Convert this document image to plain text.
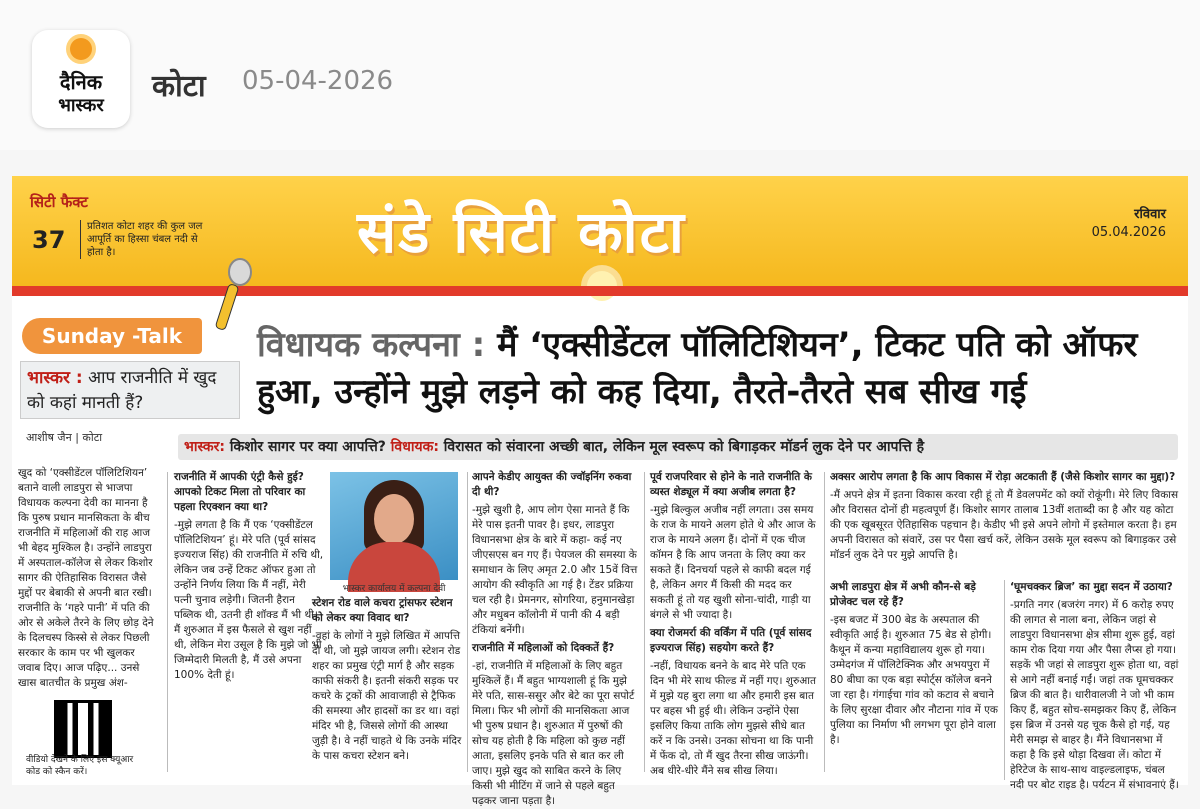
दैनिक
भास्कर
कोटा 05-04-2026
सिटी फैक्ट
37	प्रतिशत कोटा शहर की कुल जल आपूर्ति का हिस्सा चंबल नदी से होता है।	संडे सिटी कोटा	रविवार
05.04.2026
Sunday -Talk
भास्कर : आप राजनीति में खुद को कहां मानती हैं?
विधायक कल्पना : मैं ‘एक्सीडेंटल पॉलिटिशियन’, टिकट पति को ऑफर हुआ, उन्होंने मुझे लड़ने को कह दिया, तैरते-तैरते सब सीख गई
आशीष जैन | कोटा
भास्कर: किशोर सागर पर क्या आपत्ति? विधायक: विरासत को संवारना अच्छी बात, लेकिन मूल स्वरूप को बिगाड़कर मॉडर्न लुक देने पर आपत्ति है

खुद को ‘एक्सीडेंटल पॉलिटिशियन’ बताने वाली लाडपुरा से भाजपा विधायक कल्पना देवी का मानना है कि पुरुष प्रधान मानसिकता के बीच राजनीति में महिलाओं की राह आज भी बेहद मुश्किल है। उन्होंने लाडपुरा में अस्पताल-कॉलेज से लेकर किशोर सागर की ऐतिहासिक विरासत जैसे मुद्दों पर बेबाकी से अपनी बात रखी। राजनीति के ‘गहरे पानी’ में पति की ओर से अकेले तैरने के लिए छोड़ देने के दिलचस्प किस्से से लेकर पिछली सरकार के काम पर भी खुलकर जवाब दिए। आज पढ़िए... उनसे खास बातचीत के प्रमुख अंश-

वीडियो देखने के लिए इस क्यूआर कोड को स्कैन करें।

राजनीति में आपकी एंट्री कैसे हुई? आपको टिकट मिला तो परिवार का पहला रिएक्शन क्या था?

-मुझे लगता है कि मैं एक ‘एक्सीडेंटल पॉलिटिशियन’ हूं। मेरे पति (पूर्व सांसद इज्यराज सिंह) की राजनीति में रुचि थी, लेकिन जब उन्हें टिकट ऑफर हुआ तो उन्होंने निर्णय लिया कि मैं नहीं, मेरी पत्नी चुनाव लड़ेगी। जितनी हैरान पब्लिक थी, उतनी ही शॉक्ड मैं भी थी। मैं शुरुआत में इस फैसले से खुश नहीं थी, लेकिन मेरा उसूल है कि मुझे जो भी जिम्मेदारी मिलती है, मैं उसे अपना 100% देती हूं।

भास्कर कार्यालय में कल्पना देवी

स्टेशन रोड वाले कचरा ट्रांसफर स्टेशन को लेकर क्या विवाद था?

-वहां के लोगों ने मुझे लिखित में आपत्ति दी थी, जो मुझे जायज लगी। स्टेशन रोड शहर का प्रमुख एंट्री मार्ग है और सड़क काफी संकरी है। इतनी संकरी सड़क पर कचरे के ट्रकों की आवाजाही से ट्रैफिक की समस्या और हादसों का डर था। वहां मंदिर भी है, जिससे लोगों की आस्था जुड़ी है। वे नहीं चाहते थे कि उनके मंदिर के पास कचरा स्टेशन बने।

आपने केडीए आयुक्त की ज्वॉइनिंग रुकवा दी थी?

-मुझे खुशी है, आप लोग ऐसा मानते हैं कि मेरे पास इतनी पावर है। इधर, लाडपुरा विधानसभा क्षेत्र के बारे में कहा- कई नए जीएसएस बन गए हैं। पेयजल की समस्या के समाधान के लिए अमृत 2.0 और 15वें वित्त आयोग की स्वीकृति आ गई है। टेंडर प्रक्रिया चल रही है। प्रेमनगर, सोगरिया, हनुमानखेड़ा और मधुबन कॉलोनी में पानी की 4 बड़ी टंकियां बनेंगी।

राजनीति में महिलाओं को दिक्कतें हैं?

-हां, राजनीति में महिलाओं के लिए बहुत मुश्किलें हैं। मैं बहुत भाग्यशाली हूं कि मुझे मेरे पति, सास-ससुर और बेटे का पूरा सपोर्ट मिला। फिर भी लोगों की मानसिकता आज भी पुरुष प्रधान है। शुरुआत में पुरुषों की सोच यह होती है कि महिला को कुछ नहीं आता, इसलिए इनके पति से बात कर ली जाए। मुझे खुद को साबित करने के लिए किसी भी मीटिंग में जाने से पहले बहुत पढ़कर जाना पड़ता है।

पूर्व राजपरिवार से होने के नाते राजनीति के व्यस्त शेड्यूल में क्या अजीब लगता है?

-मुझे बिल्कुल अजीब नहीं लगता। उस समय के राज के मायने अलग होते थे और आज के राज के मायने अलग हैं। दोनों में एक चीज कॉमन है कि आप जनता के लिए क्या कर सकते हैं। दिनचर्या पहले से काफी बदल गई है, लेकिन अगर मैं किसी की मदद कर सकती हूं तो यह खुशी सोना-चांदी, गाड़ी या बंगले से भी ज्यादा है।

क्या रोजमर्रा की वर्किंग में पति (पूर्व सांसद इज्यराज सिंह) सहयोग करते हैं?

-नहीं, विधायक बनने के बाद मेरे पति एक दिन भी मेरे साथ फील्ड में नहीं गए। शुरुआत में मुझे यह बुरा लगा था और हमारी इस बात पर बहस भी हुई थी। लेकिन उन्होंने ऐसा इसलिए किया ताकि लोग मुझसे सीधे बात करें न कि उनसे। उनका सोचना था कि पानी में फेंक दो, तो मैं खुद तैरना सीख जाऊंगी। अब धीरे-धीरे मैंने सब सीख लिया।

अक्सर आरोप लगता है कि आप विकास में रोड़ा अटकाती हैं (जैसे किशोर सागर का मुद्दा)?

-मैं अपने क्षेत्र में इतना विकास करवा रही हूं तो मैं डेवलपमेंट को क्यों रोकूंगी। मेरे लिए विकास और विरासत दोनों ही महत्वपूर्ण हैं। किशोर सागर तालाब 13वीं शताब्दी का है और यह कोटा की एक खूबसूरत ऐतिहासिक पहचान है। केडीए भी इसे अपने लोगो में इस्तेमाल करता है। हम अपनी विरासत को संवारें, उस पर पैसा खर्च करें, लेकिन उसके मूल स्वरूप को बिगाड़कर उसे मॉडर्न लुक देने पर मुझे आपत्ति है।

अभी लाडपुरा क्षेत्र में अभी कौन-से बड़े प्रोजेक्ट चल रहे हैं?

-इस बजट में 300 बेड के अस्पताल की स्वीकृति आई है। शुरुआत 75 बेड से होगी। कैथून में कन्या महाविद्यालय शुरू हो गया। उम्मेदगंज में पॉलिटेक्निक और अभयपुरा में 80 बीघा का एक बड़ा स्पोर्ट्स कॉलेज बनने जा रहा है। गंगाईचा गांव को कटाव से बचाने के लिए सुरक्षा दीवार और नौटाना गांव में एक पुलिया का निर्माण भी लगभग पूरा होने वाला है।

‘घूमचक्कर ब्रिज’ का मुद्दा सदन में उठाया?

-प्रगति नगर (बजरंग नगर) में 6 करोड़ रुपए की लागत से नाला बना, लेकिन जहां से लाडपुरा विधानसभा क्षेत्र सीमा शुरू हुई, वहां काम रोक दिया गया और पैसा लैप्स हो गया। सड़कें भी जहां से लाडपुरा शुरू होता था, वहां से आगे नहीं बनाई गईं। जहां तक घूमचक्कर ब्रिज की बात है। धारीवालजी ने जो भी काम किए हैं, बहुत सोच-समझकर किए हैं, लेकिन इस ब्रिज में उनसे यह चूक कैसे हो गई, यह मेरी समझ से बाहर है। मैंने विधानसभा में कहा है कि इसे थोड़ा दिखवा लें। कोटा में हेरिटेज के साथ-साथ वाइल्डलाइफ, चंबल नदी पर बोट राइड है। पर्यटन में संभावनाएं हैं।
